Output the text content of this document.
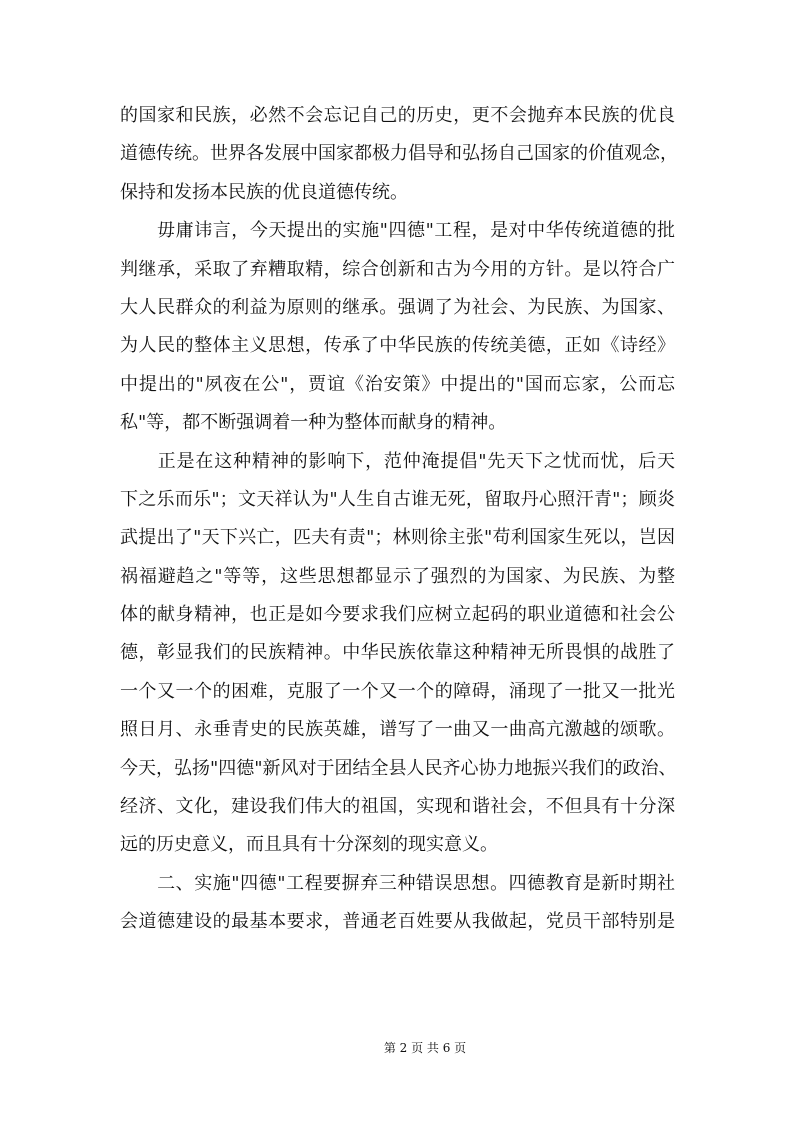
的国家和民族，必然不会忘记自己的历史，更不会抛弃本民族的优良
道德传统。世界各发展中国家都极力倡导和弘扬自己国家的价值观念，
保持和发扬本民族的优良道德传统。
　　毋庸讳言，今天提出的实施"四德"工程，是对中华传统道德的批
判继承，采取了弃糟取精，综合创新和古为今用的方针。是以符合广
大人民群众的利益为原则的继承。强调了为社会、为民族、为国家、
为人民的整体主义思想，传承了中华民族的传统美德，正如《诗经》
中提出的"夙夜在公"，贾谊《治安策》中提出的"国而忘家，公而忘
私"等，都不断强调着一种为整体而献身的精神。
　　正是在这种精神的影响下，范仲淹提倡"先天下之忧而忧，后天
下之乐而乐"；文天祥认为"人生自古谁无死，留取丹心照汗青"；顾炎
武提出了"天下兴亡，匹夫有责"；林则徐主张"苟利国家生死以，岂因
祸福避趋之"等等，这些思想都显示了强烈的为国家、为民族、为整
体的献身精神，也正是如今要求我们应树立起码的职业道德和社会公
德，彰显我们的民族精神。中华民族依靠这种精神无所畏惧的战胜了
一个又一个的困难，克服了一个又一个的障碍，涌现了一批又一批光
照日月、永垂青史的民族英雄，谱写了一曲又一曲高亢激越的颂歌。
今天，弘扬"四德"新风对于团结全县人民齐心协力地振兴我们的政治、
经济、文化，建设我们伟大的祖国，实现和谐社会，不但具有十分深
远的历史意义，而且具有十分深刻的现实意义。
　　二、实施"四德"工程要摒弃三种错误思想。四德教育是新时期社
会道德建设的最基本要求，普通老百姓要从我做起，党员干部特别是
第 2 页 共 6 页
